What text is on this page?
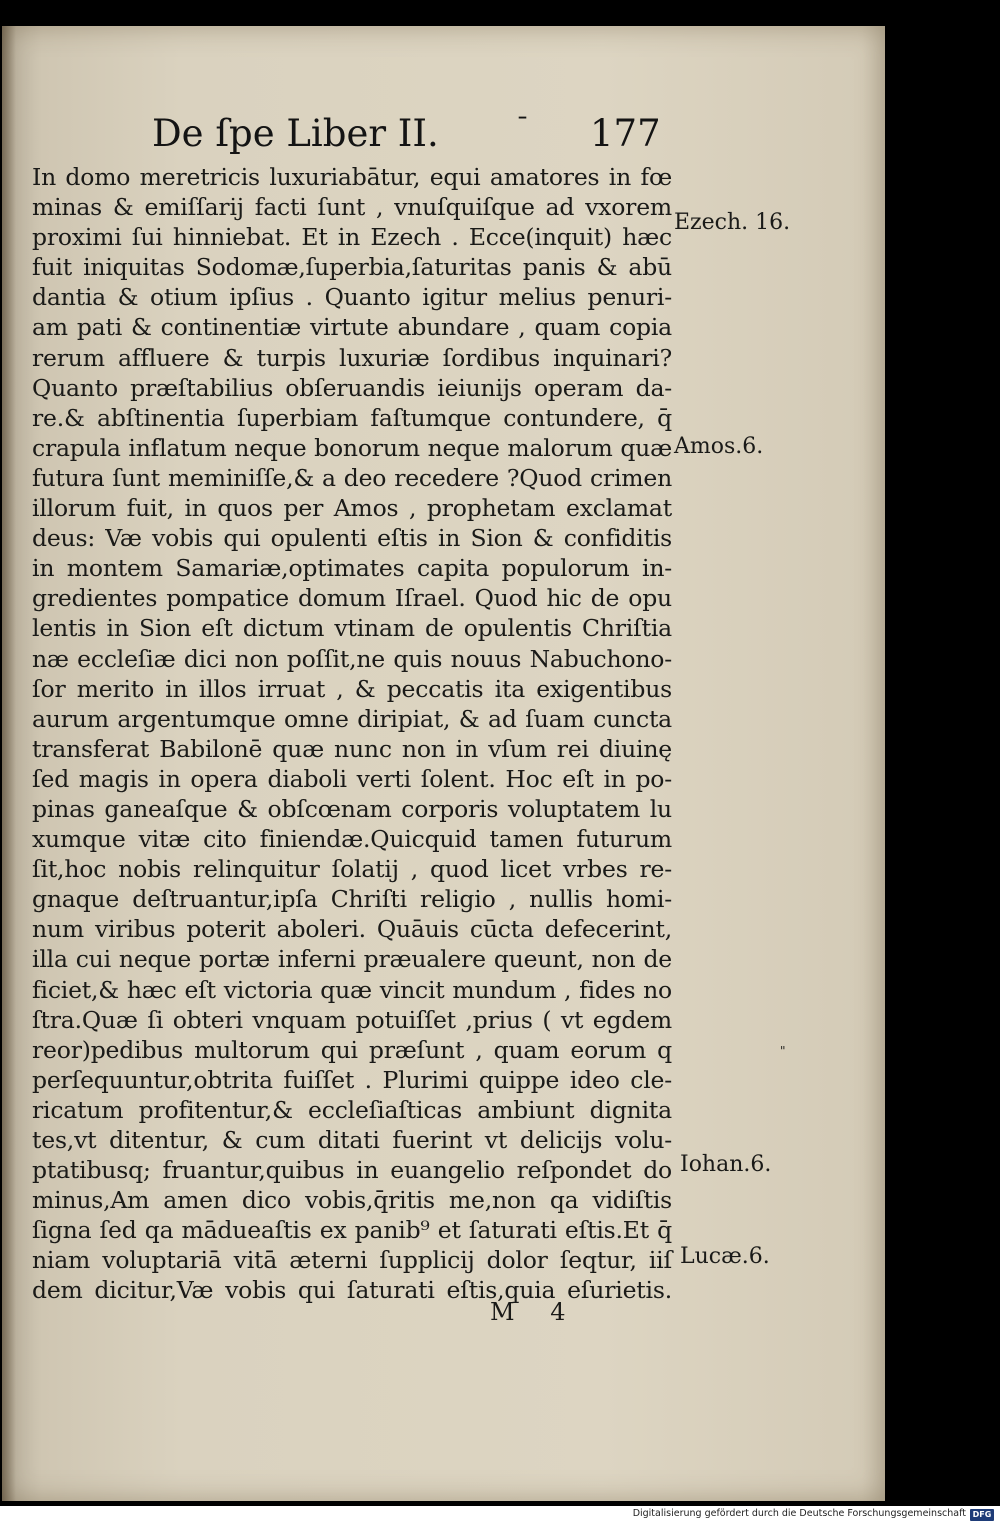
De ſpe Liber II.	¯ 177
In domo meretricis luxuriabātur, equi amatores in fœ
minas & emiſſarij facti ſunt , vnuſquiſque ad vxorem
proximi ſui hinniebat. Et in Ezech . Ecce(inquit) hæc
fuit iniquitas Sodomæ,ſuperbia,ſaturitas panis & abū
dantia & otium ipſius . Quanto igitur melius penuri-
am pati & continentiæ virtute abundare , quam copia
rerum affluere & turpis luxuriæ ſordibus inquinari?
Quanto præſtabilius obſeruandis ieiunijs operam da-
re.& abſtinentia ſuperbiam faſtumque contundere, q̄
crapula inflatum neque bonorum neque malorum quæ
futura ſunt meminiſſe,& a deo recedere ?Quod crimen
illorum fuit, in quos per Amos , prophetam exclamat
deus: Væ vobis qui opulenti eſtis in Sion & confiditis
in montem Samariæ,optimates capita populorum in-
gredientes pompatice domum Iſrael. Quod hic de opu
lentis in Sion eſt dictum vtinam de opulentis Chriſtia
næ eccleſiæ dici non poſſit,ne quis nouus Nabuchono-
ſor merito in illos irruat , & peccatis ita exigentibus
aurum argentumque omne diripiat, & ad ſuam cuncta
transferat Babilonē quæ nunc non in vſum rei diuinę
ſed magis in opera diaboli verti ſolent. Hoc eſt in po-
pinas ganeaſque & obſcœnam corporis voluptatem lu
xumque vitæ cito finiendæ.Quicquid tamen futurum
ſit,hoc nobis relinquitur ſolatij , quod licet vrbes re-
gnaque deſtruantur,ipſa Chriſti religio , nullis homi-
num viribus poterit aboleri. Quāuis cūcta defecerint,
illa cui neque portæ inferni præualere queunt, non de
ficiet,& hæc eſt victoria quæ vincit mundum , fides no
ſtra.Quæ ſi obteri vnquam potuiſſet ,prius ( vt egdem
reor)pedibus multorum qui præſunt , quam eorum q
perſequuntur,obtrita fuiſſet . Plurimi quippe ideo cle-
ricatum profitentur,& eccleſiaſticas ambiunt dignita
tes,vt ditentur, & cum ditati fuerint vt delicijs volu-
ptatibusq; fruantur,quibus in euangelio reſpondet do
minus,Am amen dico vobis,q̄ritis me,non qa vidiſtis
ſigna ſed qa mādueaſtis ex panib⁹ et ſaturati eſtis.Et q̄
niam voluptariā vitā æterni ſupplicij dolor ſeqtur, iiſ
dem dicitur,Væ vobis qui ſaturati eſtis,quia eſurietis.
M 4
Ezech. 16.
Amos.6.
"
Iohan.6.
Lucæ.6.
Digitalisierung gefördert durch die Deutsche Forschungsgemeinschaft DFG
